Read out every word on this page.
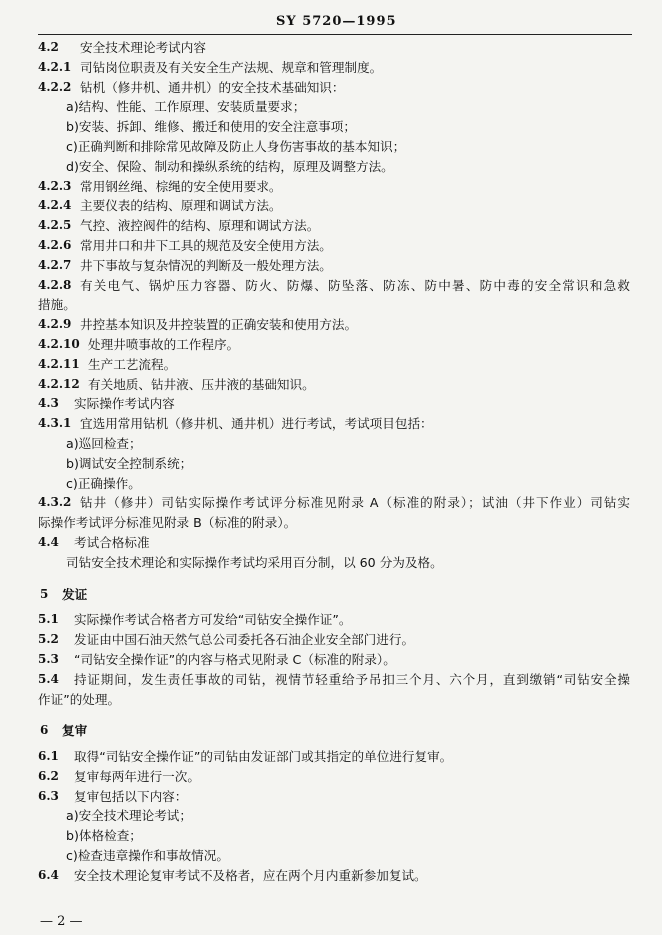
SY 5720—1995
4.2 安全技术理论考试内容
4.2.1 司钻岗位职责及有关安全生产法规、规章和管理制度。
4.2.2 钻机（修井机、通井机）的安全技术基础知识：
a)结构、性能、工作原理、安装质量要求；
b)安装、拆卸、维修、搬迁和使用的安全注意事项；
c)正确判断和排除常见故障及防止人身伤害事故的基本知识；
d)安全、保险、制动和操纵系统的结构，原理及调整方法。
4.2.3 常用钢丝绳、棕绳的安全使用要求。
4.2.4 主要仪表的结构、原理和调试方法。
4.2.5 气控、液控阀件的结构、原理和调试方法。
4.2.6 常用井口和井下工具的规范及安全使用方法。
4.2.7 井下事故与复杂情况的判断及一般处理方法。
4.2.8 有关电气、锅炉压力容器、防火、防爆、防坠落、防冻、防中暑、防中毒的安全常识和急救
措施。
4.2.9 井控基本知识及井控装置的正确安装和使用方法。
4.2.10 处理井喷事故的工作程序。
4.2.11 生产工艺流程。
4.2.12 有关地质、钻井液、压井液的基础知识。
4.3 实际操作考试内容
4.3.1 宜选用常用钻机（修井机、通井机）进行考试，考试项目包括：
a)巡回检查；
b)调试安全控制系统；
c)正确操作。
4.3.2 钻井（修井）司钻实际操作考试评分标准见附录 A（标准的附录）；试油（井下作业）司钻实
际操作考试评分标准见附录 B（标准的附录）。
4.4 考试合格标准
司钻安全技术理论和实际操作考试均采用百分制，以 60 分为及格。
5 发证
5.1 实际操作考试合格者方可发给“司钻安全操作证”。
5.2 发证由中国石油天然气总公司委托各石油企业安全部门进行。
5.3 “司钻安全操作证”的内容与格式见附录 C（标准的附录）。
5.4 持证期间，发生责任事故的司钻，视情节轻重给予吊扣三个月、六个月，直到缴销“司钻安全操
作证”的处理。
6 复审
6.1 取得“司钻安全操作证”的司钻由发证部门或其指定的单位进行复审。
6.2 复审每两年进行一次。
6.3 复审包括以下内容：
a)安全技术理论考试；
b)体格检查；
c)检查违章操作和事故情况。
6.4 安全技术理论复审考试不及格者，应在两个月内重新参加复试。
— 2 —
